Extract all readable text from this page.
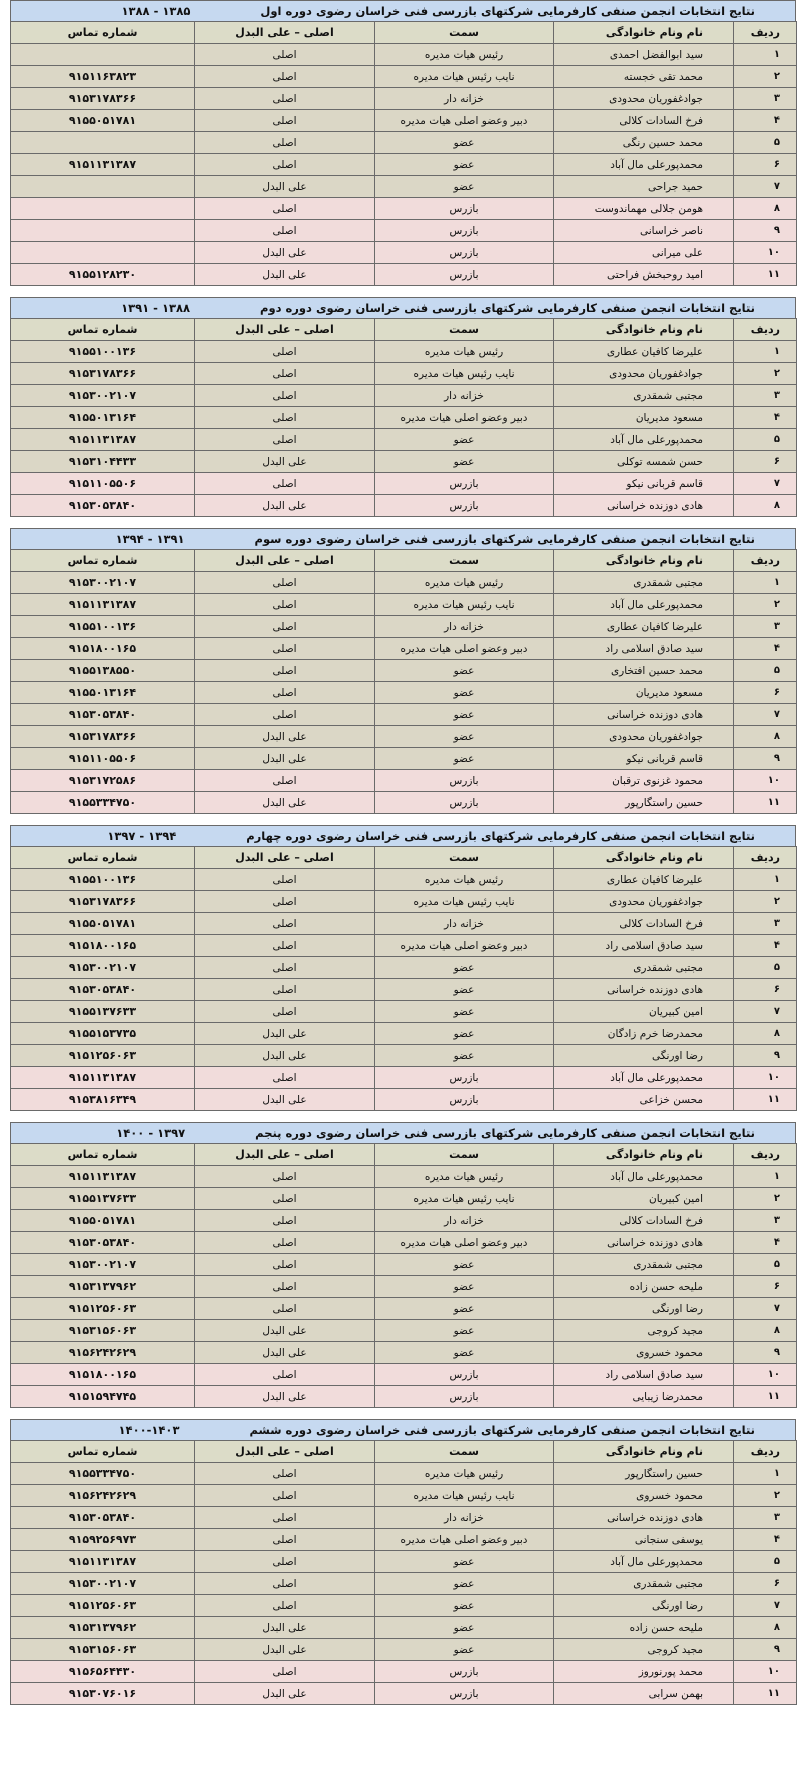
نتایج انتخابات انجمن صنفی کارفرمایی شرکتهای بازرسی فنی خراسان رضوی دوره اول۱۳۸۵ - ۱۳۸۸
ردیف	نام ونام خانوادگی	سمت	اصلی – علی البدل	شماره تماس
۱	سید ابوالفضل احمدی	رئیس هیات مدیره	اصلی	
۲	محمد تقی خجسته	نایب رئیس هیات مدیره	اصلی	۹۱۵۱۱۶۳۸۲۳
۳	جوادغفوریان محدودی	خزانه دار	اصلی	۹۱۵۳۱۷۸۳۶۶
۴	فرخ السادات کلالی	دبیر وعضو اصلی هیات مدیره	اصلی	۹۱۵۵۰۵۱۷۸۱
۵	محمد حسین رنگی	عضو	اصلی	
۶	محمدپورعلی مال آباد	عضو	اصلی	۹۱۵۱۱۳۱۳۸۷
۷	حمید جراحی	عضو	علی البدل	
۸	هومن جلالی مهماندوست	بازرس	اصلی	
۹	ناصر خراسانی	بازرس	اصلی	
۱۰	علی میرانی	بازرس	علی البدل	
۱۱	امید روحبخش فراحتی	بازرس	علی البدل	۹۱۵۵۱۲۸۲۳۰
نتایج انتخابات انجمن صنفی کارفرمایی شرکتهای بازرسی فنی خراسان رضوی دوره دوم۱۳۸۸ - ۱۳۹۱
ردیف	نام ونام خانوادگی	سمت	اصلی – علی البدل	شماره تماس
۱	علیرضا کافیان عطاری	رئیس هیات مدیره	اصلی	۹۱۵۵۱۰۰۱۳۶
۲	جوادغفوریان محدودی	نایب رئیس هیات مدیره	اصلی	۹۱۵۳۱۷۸۳۶۶
۳	مجتبی شمقدری	خزانه دار	اصلی	۹۱۵۳۰۰۲۱۰۷
۴	مسعود مدیریان	دبیر وعضو اصلی هیات مدیره	اصلی	۹۱۵۵۰۱۳۱۶۴
۵	محمدپورعلی مال آباد	عضو	اصلی	۹۱۵۱۱۳۱۳۸۷
۶	حسن شمسه توکلی	عضو	علی البدل	۹۱۵۳۱۰۴۴۳۳
۷	قاسم قربانی نیکو	بازرس	اصلی	۹۱۵۱۱۰۵۵۰۶
۸	هادی دوزنده خراسانی	بازرس	علی البدل	۹۱۵۳۰۵۳۸۴۰
نتایج انتخابات انجمن صنفی کارفرمایی شرکتهای بازرسی فنی خراسان رضوی دوره سوم۱۳۹۱ - ۱۳۹۴
ردیف	نام ونام خانوادگی	سمت	اصلی – علی البدل	شماره تماس
۱	مجتبی شمقدری	رئیس هیات مدیره	اصلی	۹۱۵۳۰۰۲۱۰۷
۲	محمدپورعلی مال آباد	نایب رئیس هیات مدیره	اصلی	۹۱۵۱۱۳۱۳۸۷
۳	علیرضا کافیان عطاری	خزانه دار	اصلی	۹۱۵۵۱۰۰۱۳۶
۴	سید صادق اسلامی راد	دبیر وعضو اصلی هیات مدیره	اصلی	۹۱۵۱۸۰۰۱۶۵
۵	محمد حسین افتخاری	عضو	اصلی	۹۱۵۵۱۳۸۵۵۰
۶	مسعود مدیریان	عضو	اصلی	۹۱۵۵۰۱۳۱۶۴
۷	هادی دوزنده خراسانی	عضو	اصلی	۹۱۵۳۰۵۳۸۴۰
۸	جوادغفوریان محدودی	عضو	علی البدل	۹۱۵۳۱۷۸۳۶۶
۹	قاسم قربانی نیکو	عضو	علی البدل	۹۱۵۱۱۰۵۵۰۶
۱۰	محمود غزنوی ترقبان	بازرس	اصلی	۹۱۵۳۱۷۲۵۸۶
۱۱	حسین راستگارپور	بازرس	علی البدل	۹۱۵۵۳۳۴۷۵۰
نتایج انتخابات انجمن صنفی کارفرمایی شرکتهای بازرسی فنی خراسان رضوی دوره چهارم۱۳۹۴ - ۱۳۹۷
ردیف	نام ونام خانوادگی	سمت	اصلی – علی البدل	شماره تماس
۱	علیرضا کافیان عطاری	رئیس هیات مدیره	اصلی	۹۱۵۵۱۰۰۱۳۶
۲	جوادغفوریان محدودی	نایب رئیس هیات مدیره	اصلی	۹۱۵۳۱۷۸۳۶۶
۳	فرخ السادات کلالی	خزانه دار	اصلی	۹۱۵۵۰۵۱۷۸۱
۴	سید صادق اسلامی راد	دبیر وعضو اصلی هیات مدیره	اصلی	۹۱۵۱۸۰۰۱۶۵
۵	مجتبی شمقدری	عضو	اصلی	۹۱۵۳۰۰۲۱۰۷
۶	هادی دوزنده خراسانی	عضو	اصلی	۹۱۵۳۰۵۳۸۴۰
۷	امین کبیریان	عضو	اصلی	۹۱۵۵۱۳۷۶۳۳
۸	محمدرضا خرم زادگان	عضو	علی البدل	۹۱۵۵۱۵۳۷۳۵
۹	رضا اورنگی	عضو	علی البدل	۹۱۵۱۲۵۶۰۶۳
۱۰	محمدپورعلی مال آباد	بازرس	اصلی	۹۱۵۱۱۳۱۳۸۷
۱۱	محسن خزاعی	بازرس	علی البدل	۹۱۵۳۸۱۶۳۴۹
نتایج انتخابات انجمن صنفی کارفرمایی شرکتهای بازرسی فنی خراسان رضوی دوره پنجم۱۳۹۷ - ۱۴۰۰
ردیف	نام ونام خانوادگی	سمت	اصلی – علی البدل	شماره تماس
۱	محمدپورعلی مال آباد	رئیس هیات مدیره	اصلی	۹۱۵۱۱۳۱۳۸۷
۲	امین کبیریان	نایب رئیس هیات مدیره	اصلی	۹۱۵۵۱۳۷۶۳۳
۳	فرخ السادات کلالی	خزانه دار	اصلی	۹۱۵۵۰۵۱۷۸۱
۴	هادی دوزنده خراسانی	دبیر وعضو اصلی هیات مدیره	اصلی	۹۱۵۳۰۵۳۸۴۰
۵	مجتبی شمقدری	عضو	اصلی	۹۱۵۳۰۰۲۱۰۷
۶	ملیحه حسن زاده	عضو	اصلی	۹۱۵۳۱۳۷۹۶۲
۷	رضا اورنگی	عضو	اصلی	۹۱۵۱۲۵۶۰۶۳
۸	مجید کروجی	عضو	علی البدل	۹۱۵۳۱۵۶۰۶۳
۹	محمود خسروی	عضو	علی البدل	۹۱۵۶۲۴۲۶۲۹
۱۰	سید صادق اسلامی راد	بازرس	اصلی	۹۱۵۱۸۰۰۱۶۵
۱۱	محمدرضا زیبایی	بازرس	علی البدل	۹۱۵۱۵۹۴۷۴۵
نتایج انتخابات انجمن صنفی کارفرمایی شرکتهای بازرسی فنی خراسان رضوی دوره ششم۱۴۰۰-۱۴۰۳
ردیف	نام ونام خانوادگی	سمت	اصلی – علی البدل	شماره تماس
۱	حسین راستگارپور	رئیس هیات مدیره	اصلی	۹۱۵۵۳۳۴۷۵۰
۲	محمود خسروی	نایب رئیس هیات مدیره	اصلی	۹۱۵۶۲۴۲۶۲۹
۳	هادی دوزنده خراسانی	خزانه دار	اصلی	۹۱۵۳۰۵۳۸۴۰
۴	یوسفی سنجانی	دبیر وعضو اصلی هیات مدیره	اصلی	۹۱۵۹۲۵۶۹۷۳
۵	محمدپورعلی مال آباد	عضو	اصلی	۹۱۵۱۱۳۱۳۸۷
۶	مجتبی شمقدری	عضو	اصلی	۹۱۵۳۰۰۲۱۰۷
۷	رضا اورنگی	عضو	اصلی	۹۱۵۱۲۵۶۰۶۳
۸	ملیحه حسن زاده	عضو	علی البدل	۹۱۵۳۱۳۷۹۶۲
۹	مجید کروجی	عضو	علی البدل	۹۱۵۳۱۵۶۰۶۳
۱۰	محمد پورنوروز	بازرس	اصلی	۹۱۵۶۵۶۴۴۳۰
۱۱	بهمن سرابی	بازرس	علی البدل	۹۱۵۳۰۷۶۰۱۶
